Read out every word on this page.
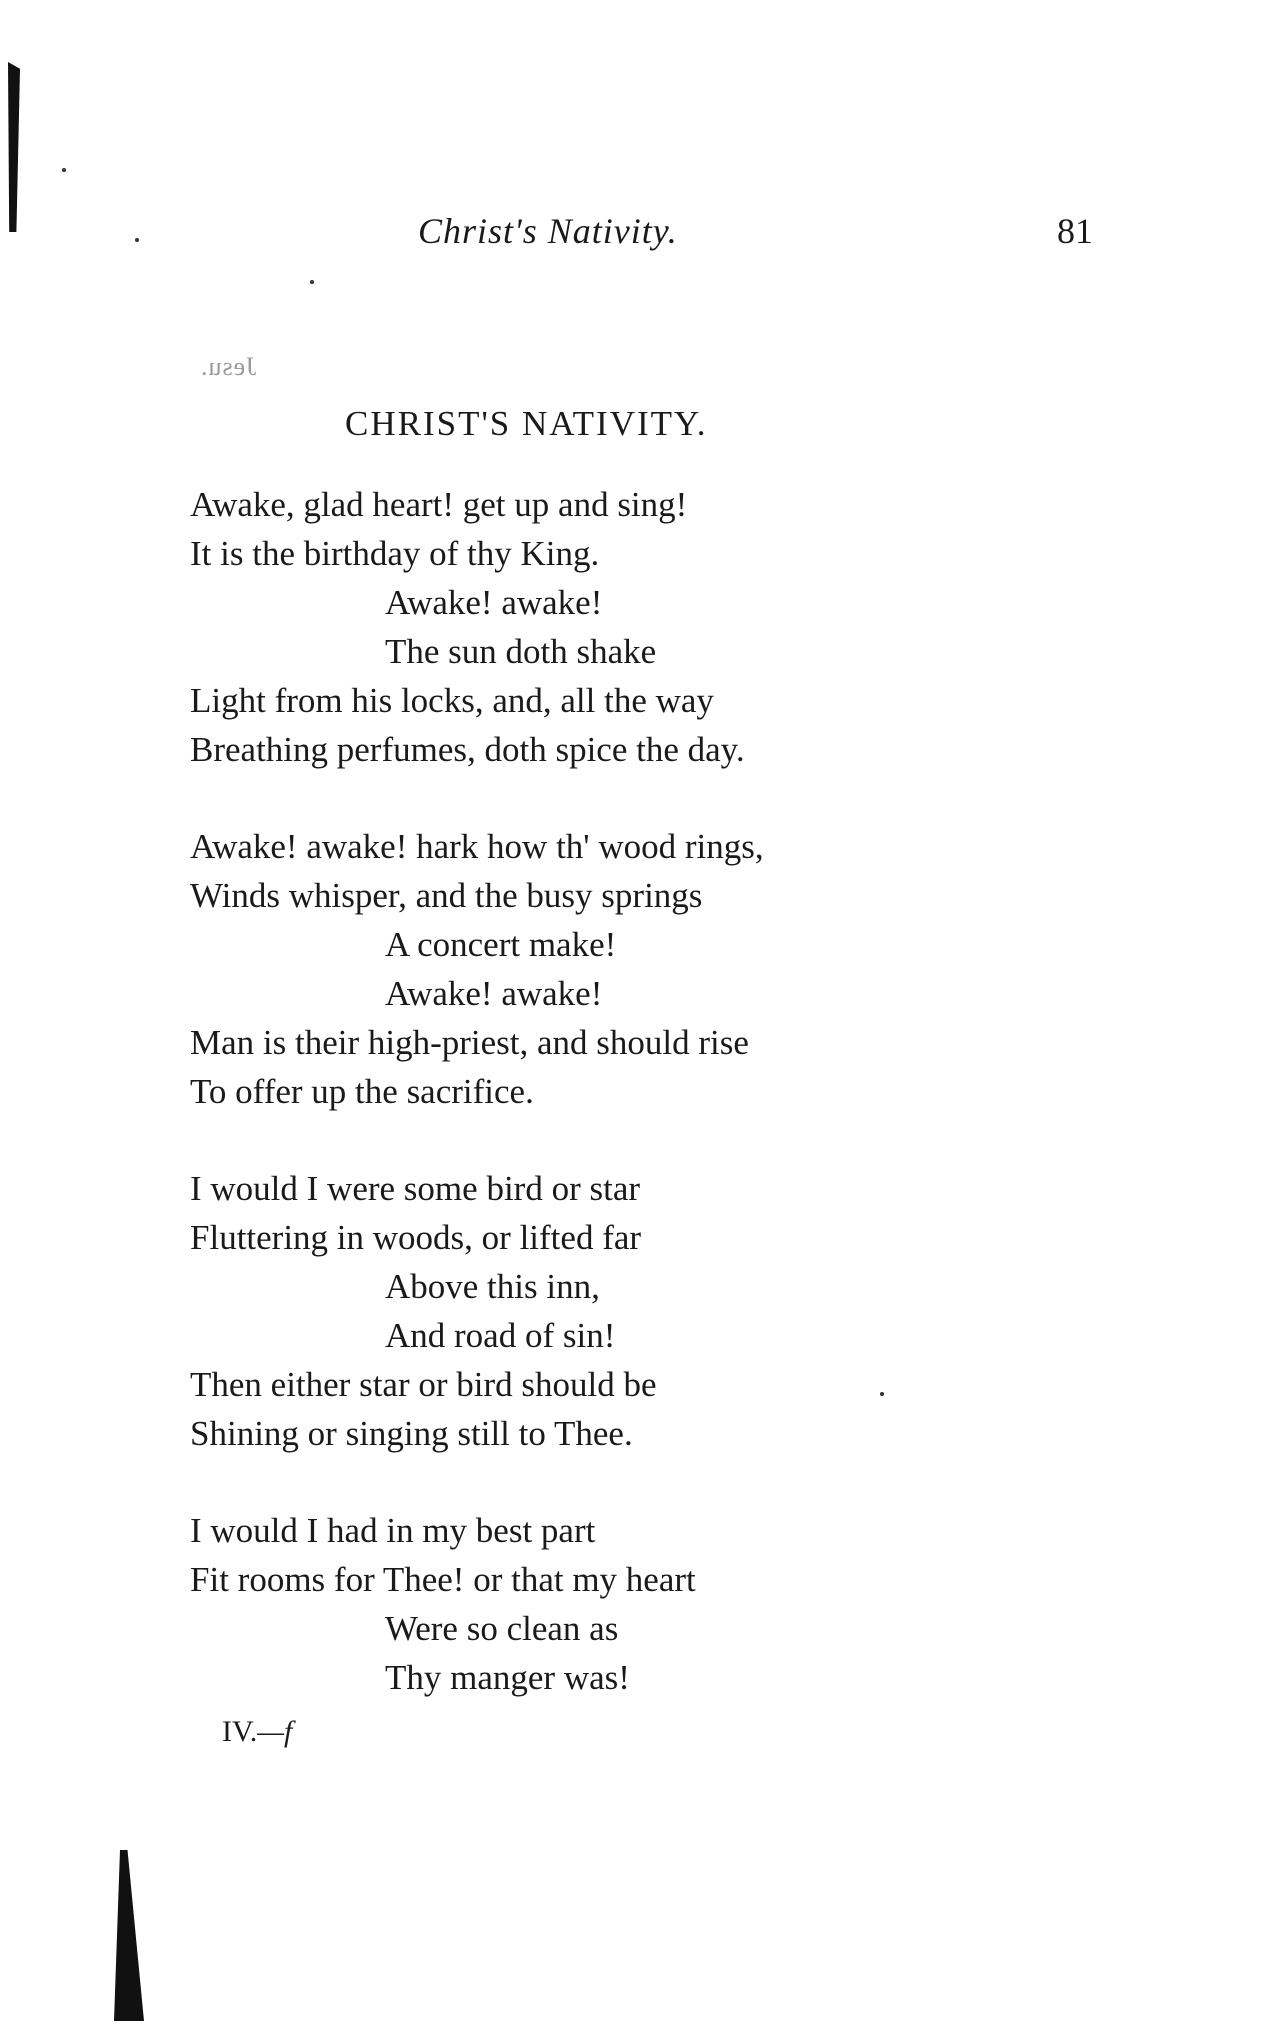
Christ's Nativity.	81
Jesu.
CHRIST'S NATIVITY.
Awake, glad heart! get up and sing!
It is the birthday of thy King.
Awake! awake!
The sun doth shake
Light from his locks, and, all the way
Breathing perfumes, doth spice the day.
Awake! awake! hark how th' wood rings,
Winds whisper, and the busy springs
A concert make!
Awake! awake!
Man is their high-priest, and should rise
To offer up the sacrifice.
I would I were some bird or star
Fluttering in woods, or lifted far
Above this inn,
And road of sin!
Then either star or bird should be
Shining or singing still to Thee.
I would I had in my best part
Fit rooms for Thee! or that my heart
Were so clean as
Thy manger was!
IV.—f
